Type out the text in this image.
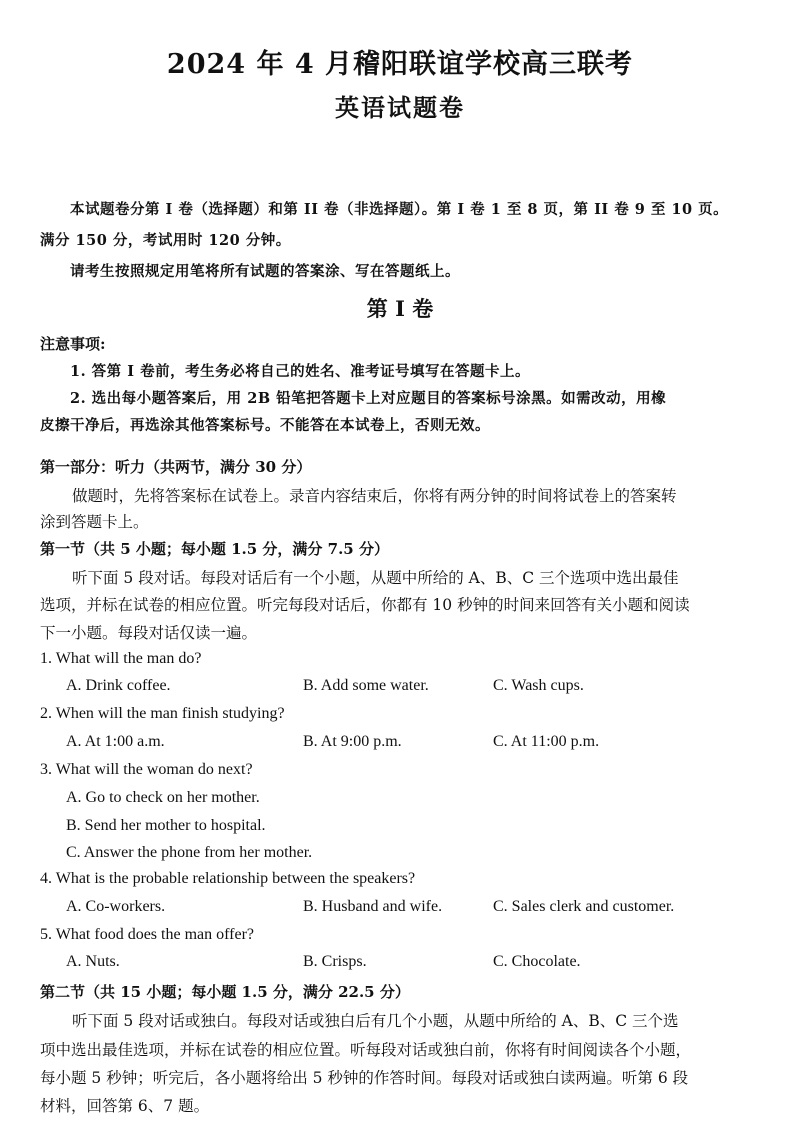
2024 年 4 月稽阳联谊学校高三联考
英语试题卷
本试题卷分第 I 卷（选择题）和第 II 卷（非选择题）。第 I 卷 1 至 8 页，第 II 卷 9 至 10 页。
满分 150 分，考试用时 120 分钟。
请考生按照规定用笔将所有试题的答案涂、写在答题纸上。
第 I 卷
注意事项:
1. 答第 I 卷前，考生务必将自己的姓名、准考证号填写在答题卡上。
2. 选出每小题答案后，用 2B 铅笔把答题卡上对应题目的答案标号涂黑。如需改动，用橡
皮擦干净后，再选涂其他答案标号。不能答在本试卷上，否则无效。
第一部分：听力（共两节，满分 30 分）
做题时，先将答案标在试卷上。录音内容结束后，你将有两分钟的时间将试卷上的答案转
涂到答题卡上。
第一节（共 5 小题；每小题 1.5 分，满分 7.5 分）
听下面 5 段对话。每段对话后有一个小题，从题中所给的 A、B、C 三个选项中选出最佳
选项，并标在试卷的相应位置。听完每段对话后，你都有 10 秒钟的时间来回答有关小题和阅读
下一小题。每段对话仅读一遍。
1. What will the man do?
A. Drink coffee.	B. Add some water.	C. Wash cups.
2. When will the man finish studying?
A. At 1:00 a.m.	B. At 9:00 p.m.	C. At 11:00 p.m.
3. What will the woman do next?
A. Go to check on her mother.
B. Send her mother to hospital.
C. Answer the phone from her mother.
4. What is the probable relationship between the speakers?
A. Co-workers.	B. Husband and wife.	C. Sales clerk and customer.
5. What food does the man offer?
A. Nuts.	B. Crisps.	C. Chocolate.
第二节（共 15 小题；每小题 1.5 分，满分 22.5 分）
听下面 5 段对话或独白。每段对话或独白后有几个小题，从题中所给的 A、B、C 三个选
项中选出最佳选项，并标在试卷的相应位置。听每段对话或独白前，你将有时间阅读各个小题，
每小题 5 秒钟；听完后，各小题将给出 5 秒钟的作答时间。每段对话或独白读两遍。听第 6 段
材料，回答第 6、7 题。
